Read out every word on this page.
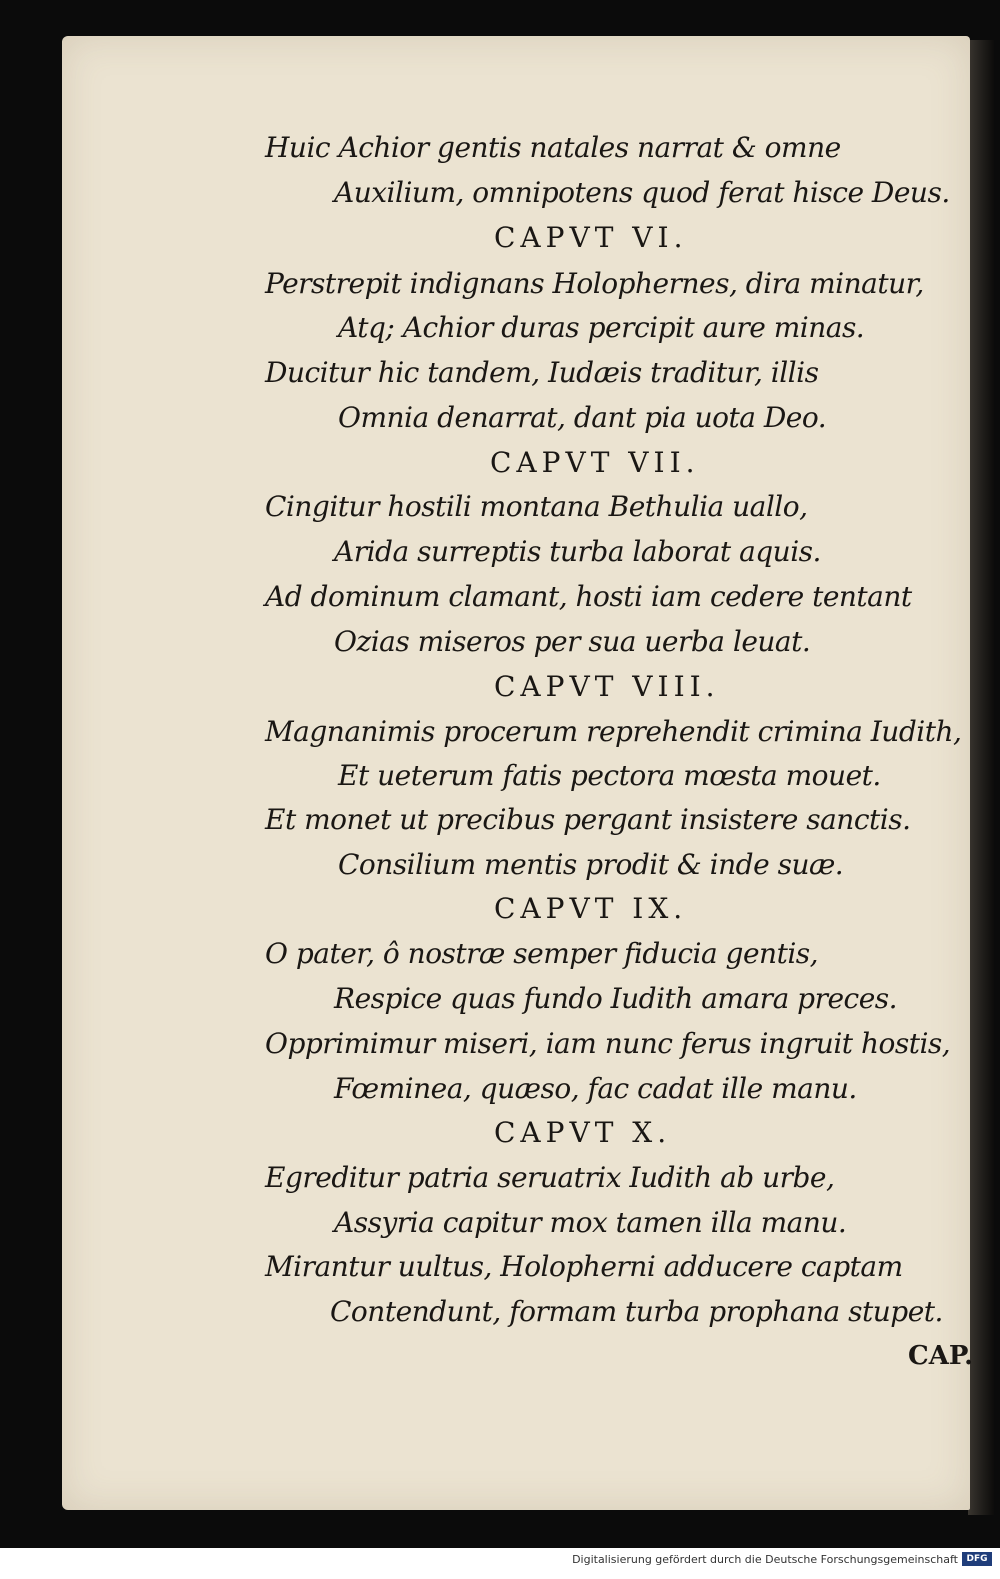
Huic Achior gentis natales narrat & omne
Auxilium, omnipotens quod ferat hisce Deus.
CAPVT VI.
Perstrepit indignans Holophernes, dira minatur,
Atq; Achior duras percipit aure minas.
Ducitur hic tandem, Iudæis traditur, illis
Omnia denarrat, dant pia uota Deo.
CAPVT VII.
Cingitur hostili montana Bethulia uallo,
Arida surreptis turba laborat aquis.
Ad dominum clamant, hosti iam cedere tentant
Ozias miseros per sua uerba leuat.
CAPVT VIII.
Magnanimis procerum reprehendit crimina Iudith,
Et ueterum fatis pectora mœsta mouet.
Et monet ut precibus pergant insistere sanctis.
Consilium mentis prodit & inde suæ.
CAPVT IX.
O pater, ô nostræ semper fiducia gentis,
Respice quas fundo Iudith amara preces.
Opprimimur miseri, iam nunc ferus ingruit hostis,
Fœminea, quæso, fac cadat ille manu.
CAPVT X.
Egreditur patria seruatrix Iudith ab urbe,
Assyria capitur mox tamen illa manu.
Mirantur uultus, Holopherni adducere captam
Contendunt, formam turba prophana stupet.
CAP.
Digitalisierung gefördert durch die Deutsche Forschungsgemeinschaft DFG
